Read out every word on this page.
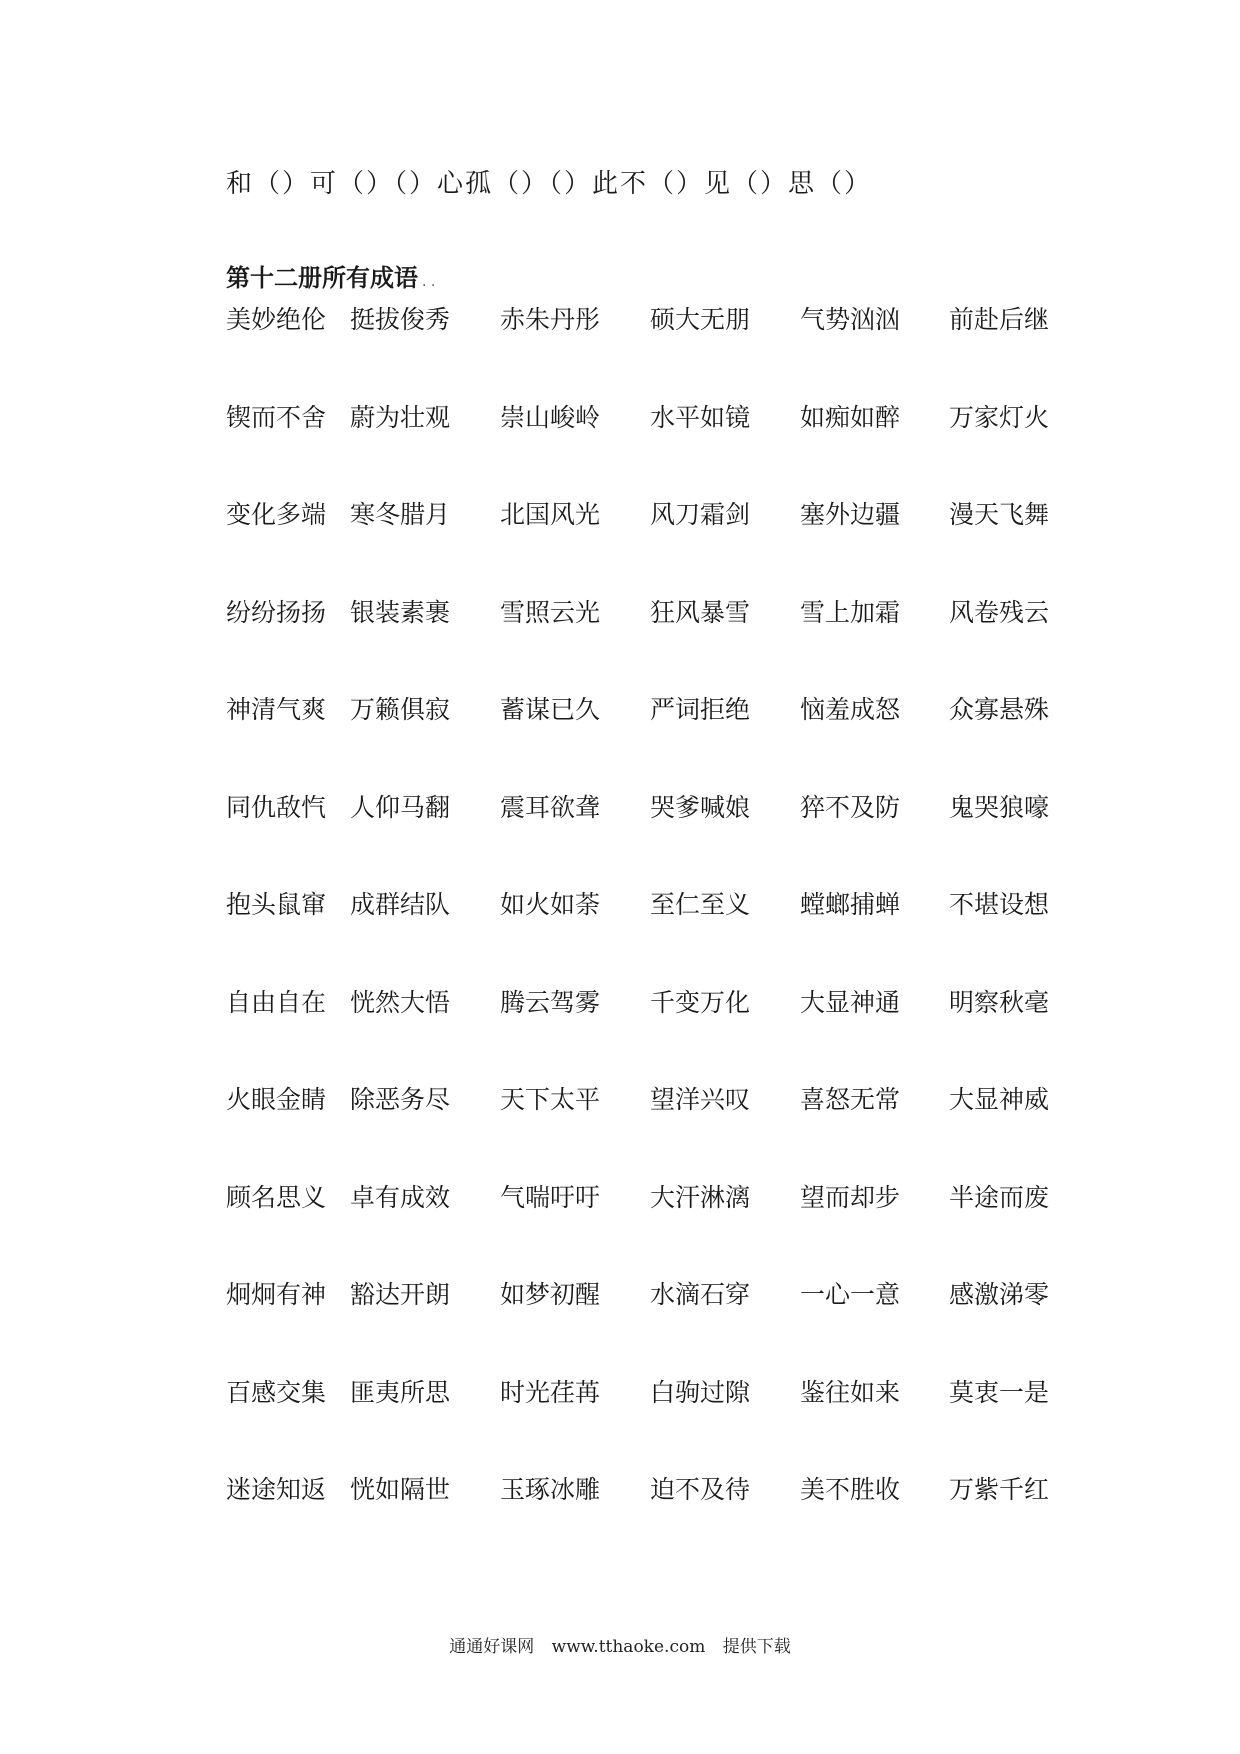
和（）可（）（）心孤（）（）此不（）见（）思（）
第十二册所有成语 . .
美妙绝伦 挺拔俊秀 赤朱丹彤 硕大无朋 气势汹汹 前赴后继
锲而不舍 蔚为壮观 崇山峻岭 水平如镜 如痴如醉 万家灯火
变化多端 寒冬腊月 北国风光 风刀霜剑 塞外边疆 漫天飞舞
纷纷扬扬 银装素裹 雪照云光 狂风暴雪 雪上加霜 风卷残云
神清气爽 万籁俱寂 蓄谋已久 严词拒绝 恼羞成怒 众寡悬殊
同仇敌忾 人仰马翻 震耳欲聋 哭爹喊娘 猝不及防 鬼哭狼嚎
抱头鼠窜 成群结队 如火如荼 至仁至义 螳螂捕蝉 不堪设想
自由自在 恍然大悟 腾云驾雾 千变万化 大显神通 明察秋毫
火眼金睛 除恶务尽 天下太平 望洋兴叹 喜怒无常 大显神威
顾名思义 卓有成效 气喘吁吁 大汗淋漓 望而却步 半途而废
炯炯有神 豁达开朗 如梦初醒 水滴石穿 一心一意 感激涕零
百感交集 匪夷所思 时光荏苒 白驹过隙 鉴往如来 莫衷一是
迷途知返 恍如隔世 玉琢冰雕 迫不及待 美不胜收 万紫千红
通通好课网 www.tthaoke.com 提供下载
